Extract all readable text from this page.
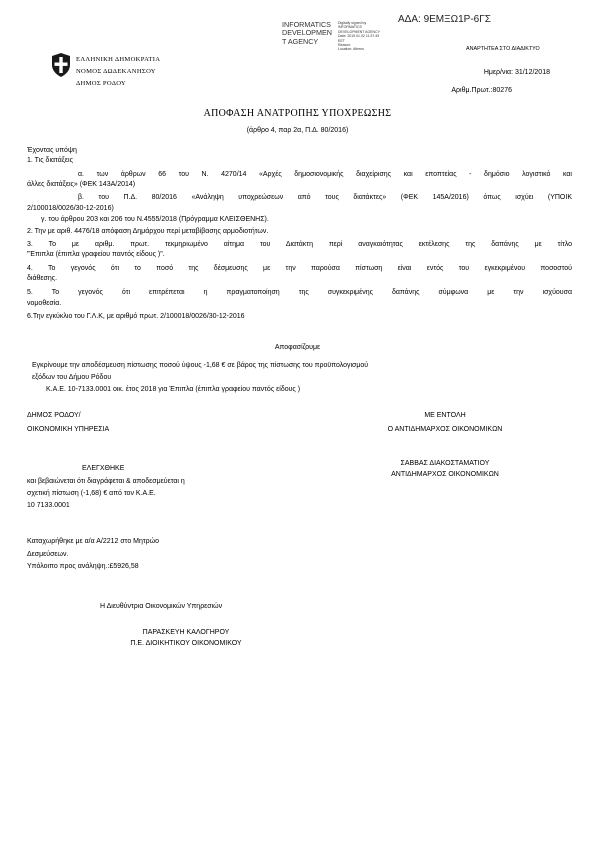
ΑΔΑ: 9ΕΜΞΩ1Ρ-6ΓΣ
INFORMATICS
DEVELOPMEN
T AGENCY
Digitally signed by
INFORMATICS
DEVELOPMENT AGENCY
Date: 2019.01.02 11:37:49
EET
Reason:
Location: Athens
ΕΛΛΗΝΙΚΗ ΔΗΜΟΚΡΑΤΙΑ
ΝΟΜΟΣ ΔΩΔΕΚΑΝΗΣΟΥ
ΔΗΜΟΣ ΡΟΔΟΥ
ΑΝΑΡΤΗΤΕΑ ΣΤΟ ΔΙΑΔΙΚΤΥΟ
Ημερ/νια: 31/12/2018
Αριθμ.Πρωτ.:80276
ΑΠΟΦΑΣΗ ΑΝΑΤΡΟΠΗΣ ΥΠΟΧΡΕΩΣΗΣ
(άρθρο 4, παρ 2α, Π.Δ. 80/2016)
Έχοντας υπόψη
1. Τις διατάξεις
α. των άρθρων 66 του Ν. 4270/14 «Αρχές δημοσιονομικής διαχείρισης και εποπτείας - δημόσιο λογιστικό και
άλλες διατάξεις» (ΦΕΚ 143Α/2014)
β. του Π.Δ. 80/2016 «Ανάληψη υποχρεώσεων από τους διατάκτες» (ΦΕΚ 145Α/2016) όπως ισχύει (ΥΠΟΙΚ
2/100018/0026/30-12-2016)
γ. του άρθρου 203 και 206 του Ν.4555/2018 (Πρόγραμμα ΚΛΕΙΣΘΕΝΗΣ).
2. Την με αριθ. 4476/18 απόφαση Δημάρχου περί μεταβίβασης αρμοδιοτήτων.
3. Το με αριθμ. πρωτ. τεκμηριωμένο αίτημα του Διατάκτη περί αναγκαιότητας εκτέλεσης της δαπάνης με τίτλο
"Έπιπλα (έπιπλα γραφείου παντός είδους )".
4. Το γεγονός ότι το ποσό της δέσμευσης με την παρούσα πίστωση είναι εντός του εγκεκριμένου ποσοστού
διάθεσης.
5. Το γεγονός ότι επιτρέπεται η πραγματοποίηση της συγκεκριμένης δαπάνης σύμφωνα με την ισχύουσα
νομοθεσία.
6.Την εγκύκλιο του Γ.Λ.Κ, με αριθμό πρωτ. 2/100018/0026/30-12-2016
Αποφασίζουμε
Εγκρίνουμε την αποδέσμευση πίστωσης ποσού ύψους -1,68 € σε βάρος της πίστωσης του προϋπολογισμού
εξόδων του Δήμου Ρόδου
Κ.Α.Ε. 10-7133.0001 οικ. έτος 2018 για Έπιπλα (έπιπλα γραφείου παντός είδους )
ΔΗΜΟΣ ΡΟΔΟΥ/
ΟΙΚΟΝΟΜΙΚΗ ΥΠΗΡΕΣΙΑ
ΜΕ ΕΝΤΟΛΗ
Ο ΑΝΤΙΔΗΜΑΡΧΟΣ ΟΙΚΟΝΟΜΙΚΩΝ
ΣΑΒΒΑΣ ΔΙΑΚΟΣΤΑΜΑΤΙΟΥ
ΑΝΤΙΔΗΜΑΡΧΟΣ ΟΙΚΟΝΟΜΙΚΩΝ
ΕΛΕΓΧΘΗΚΕ
και βεβαιώνεται ότι διαγράφεται & αποδεσμεύεται η
σχετική πίστωση (-1,68) € από τον Κ.Α.Ε.
10 7133.0001
Καταχωρήθηκε με α/α Α/2212 στο Μητρώο
Δεσμεύσεων.
Υπόλοιπο προς ανάληψη.:£5926,58
Η Διευθύντρια Οικονομικών Υπηρεσιών
ΠΑΡΑΣΚΕΥΗ ΚΑΛΟΓΗΡΟΥ
Π.Ε. ΔΙΟΙΚΗΤΙΚΟΥ ΟΙΚΟΝΟΜΙΚΟΥ
